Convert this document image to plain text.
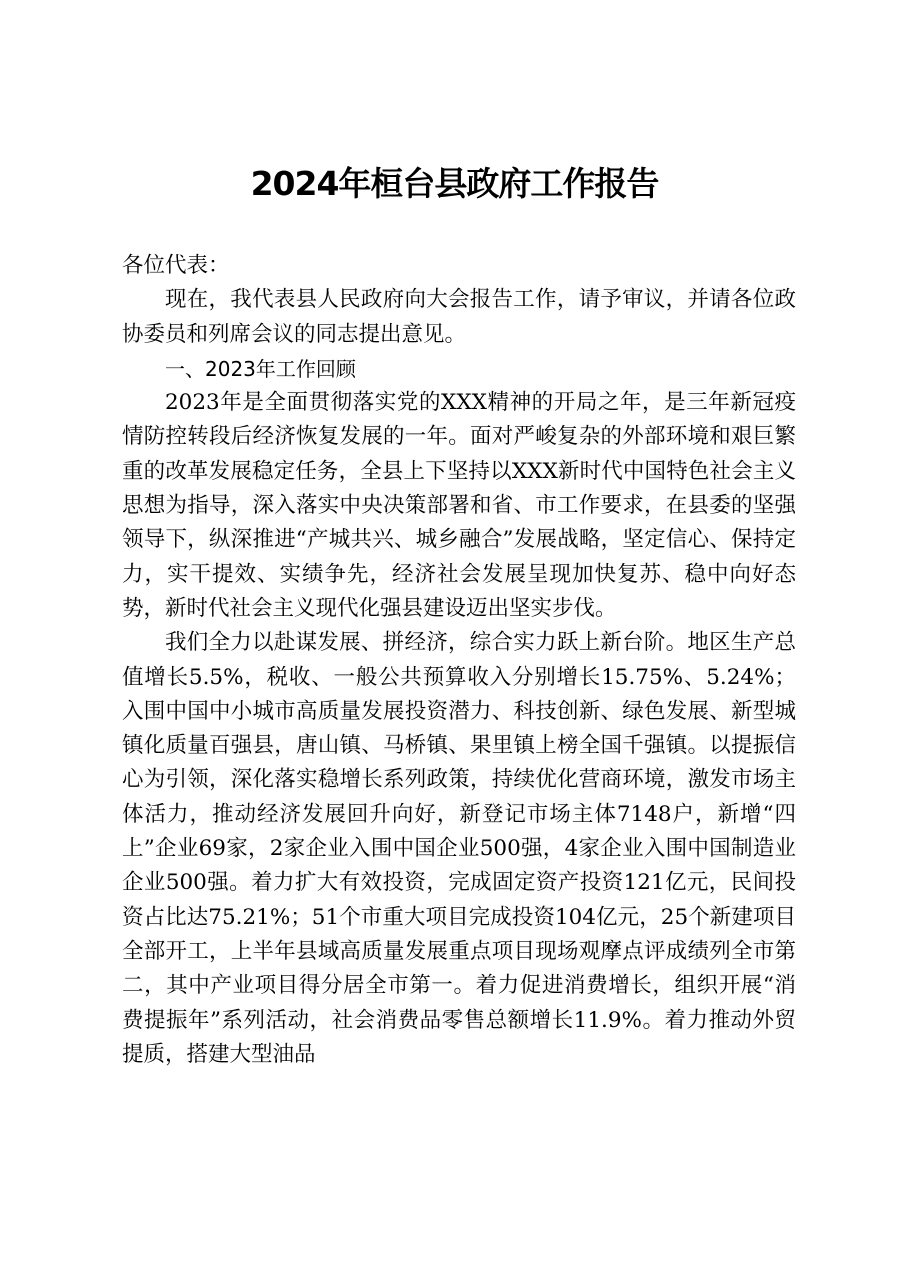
2024年桓台县政府工作报告

各位代表：

现在，我代表县人民政府向大会报告工作，请予审议，并请各位政协委员和列席会议的同志提出意见。

一、2023年工作回顾

2023年是全面贯彻落实党的XXX精神的开局之年，是三年新冠疫情防控转段后经济恢复发展的一年。面对严峻复杂的外部环境和艰巨繁重的改革发展稳定任务，全县上下坚持以XXX新时代中国特色社会主义思想为指导，深入落实中央决策部署和省、市工作要求，在县委的坚强领导下，纵深推进“产城共兴、城乡融合”发展战略，坚定信心、保持定力，实干提效、实绩争先，经济社会发展呈现加快复苏、稳中向好态势，新时代社会主义现代化强县建设迈出坚实步伐。

我们全力以赴谋发展、拼经济，综合实力跃上新台阶。地区生产总值增长5.5%，税收、一般公共预算收入分别增长15.75%、5.24%；入围中国中小城市高质量发展投资潜力、科技创新、绿色发展、新型城镇化质量百强县，唐山镇、马桥镇、果里镇上榜全国千强镇。以提振信心为引领，深化落实稳增长系列政策，持续优化营商环境，激发市场主体活力，推动经济发展回升向好，新登记市场主体7148户，新增“四上”企业69家，2家企业入围中国企业500强，4家企业入围中国制造业企业500强。着力扩大有效投资，完成固定资产投资121亿元，民间投资占比达75.21%；51个市重大项目完成投资104亿元，25个新建项目全部开工，上半年县域高质量发展重点项目现场观摩点评成绩列全市第二，其中产业项目得分居全市第一。着力促进消费增长，组织开展“消费提振年”系列活动，社会消费品零售总额增长11.9%。着力推动外贸提质，搭建大型油品
